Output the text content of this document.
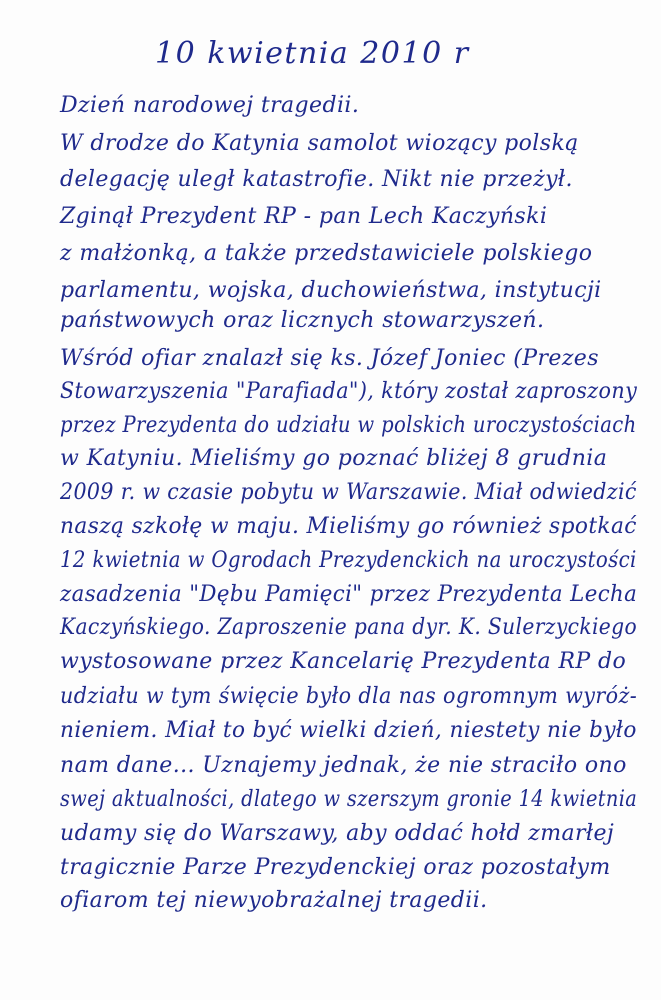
10 kwietnia 2010 r
Dzień narodowej tragedii.
W drodze do Katynia samolot wiozący polską
delegację uległ katastrofie. Nikt nie przeżył.
Zginął Prezydent RP - pan Lech Kaczyński
z małżonką, a także przedstawiciele polskiego
parlamentu, wojska, duchowieństwa, instytucji
państwowych oraz licznych stowarzyszeń.
Wśród ofiar znalazł się ks. Józef Joniec (Prezes
Stowarzyszenia "Parafiada"), który został zaproszony
przez Prezydenta do udziału w polskich uroczystościach
w Katyniu. Mieliśmy go poznać bliżej 8 grudnia
2009 r. w czasie pobytu w Warszawie. Miał odwiedzić
naszą szkołę w maju. Mieliśmy go również spotkać
12 kwietnia w Ogrodach Prezydenckich na uroczystości
zasadzenia "Dębu Pamięci" przez Prezydenta Lecha
Kaczyńskiego. Zaproszenie pana dyr. K. Sulerzyckiego
wystosowane przez Kancelarię Prezydenta RP do
udziału w tym święcie było dla nas ogromnym wyróż-
nieniem. Miał to być wielki dzień, niestety nie było
nam dane... Uznajemy jednak, że nie straciło ono
swej aktualności, dlatego w szerszym gronie 14 kwietnia
udamy się do Warszawy, aby oddać hołd zmarłej
tragicznie Parze Prezydenckiej oraz pozostałym
ofiarom tej niewyobrażalnej tragedii.
